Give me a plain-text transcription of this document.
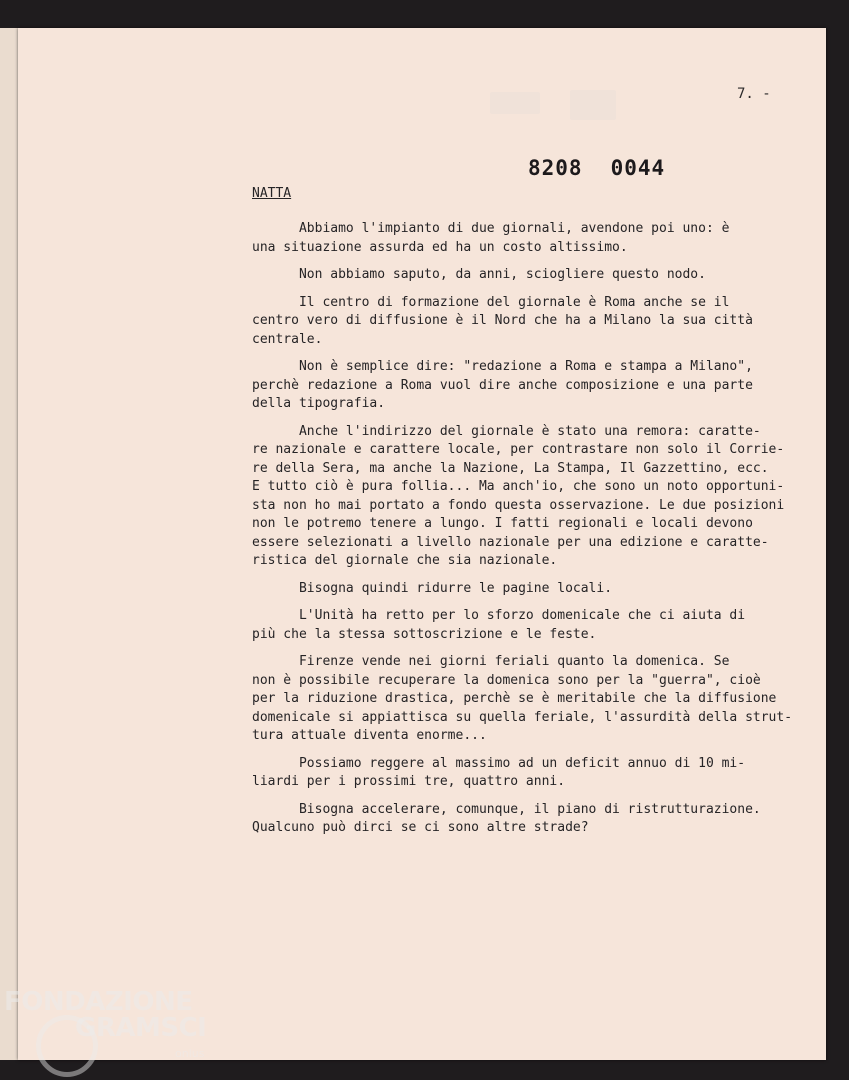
7. -
8208 0044
NATTA

Abbiamo l'impianto di due giornali, avendone poi uno: è
una situazione assurda ed ha un costo altissimo.

Non abbiamo saputo, da anni, sciogliere questo nodo.

Il centro di formazione del giornale è Roma anche se il
centro vero di diffusione è il Nord che ha a Milano la sua città
centrale.

Non è semplice dire: "redazione a Roma e stampa a Milano",
perchè redazione a Roma vuol dire anche composizione e una parte
della tipografia.

Anche l'indirizzo del giornale è stato una remora: caratte-
re nazionale e carattere locale, per contrastare non solo il Corrie-
re della Sera, ma anche la Nazione, La Stampa, Il Gazzettino, ecc.
E tutto ciò è pura follia... Ma anch'io, che sono un noto opportuni-
sta non ho mai portato a fondo questa osservazione. Le due posizioni
non le potremo tenere a lungo. I fatti regionali e locali devono
essere selezionati a livello nazionale per una edizione e caratte-
ristica del giornale che sia nazionale.

Bisogna quindi ridurre le pagine locali.

L'Unità ha retto per lo sforzo domenicale che ci aiuta di
più che la stessa sottoscrizione e le feste.

Firenze vende nei giorni feriali quanto la domenica. Se
non è possibile recuperare la domenica sono per la "guerra", cioè
per la riduzione drastica, perchè se è meritabile che la diffusione
domenicale si appiattisca su quella feriale, l'assurdità della strut-
tura attuale diventa enorme...

Possiamo reggere al massimo ad un deficit annuo di 10 mi-
liardi per i prossimi tre, quattro anni.

Bisogna accelerare, comunque, il piano di ristrutturazione.
Qualcuno può dirci se ci sono altre strade?

FONDAZIONE
GRAMSCI
onlus
